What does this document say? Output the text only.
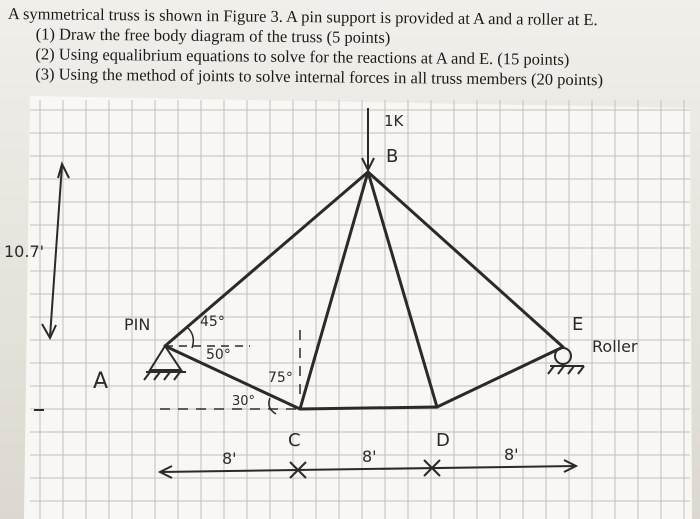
A symmetrical truss is shown in Figure 3. A pin support is provided at A and a roller at E.
(1) Draw the free body diagram of the truss (5 points)
(2) Using equalibrium equations to solve for the reactions at A and E. (15 points)
(3) Using the method of joints to solve internal forces in all truss members (20 points)
1K
B
10.7'
PIN
A
E
Roller
45°
50°
30°
75°
C	D
8'	8'	8'
